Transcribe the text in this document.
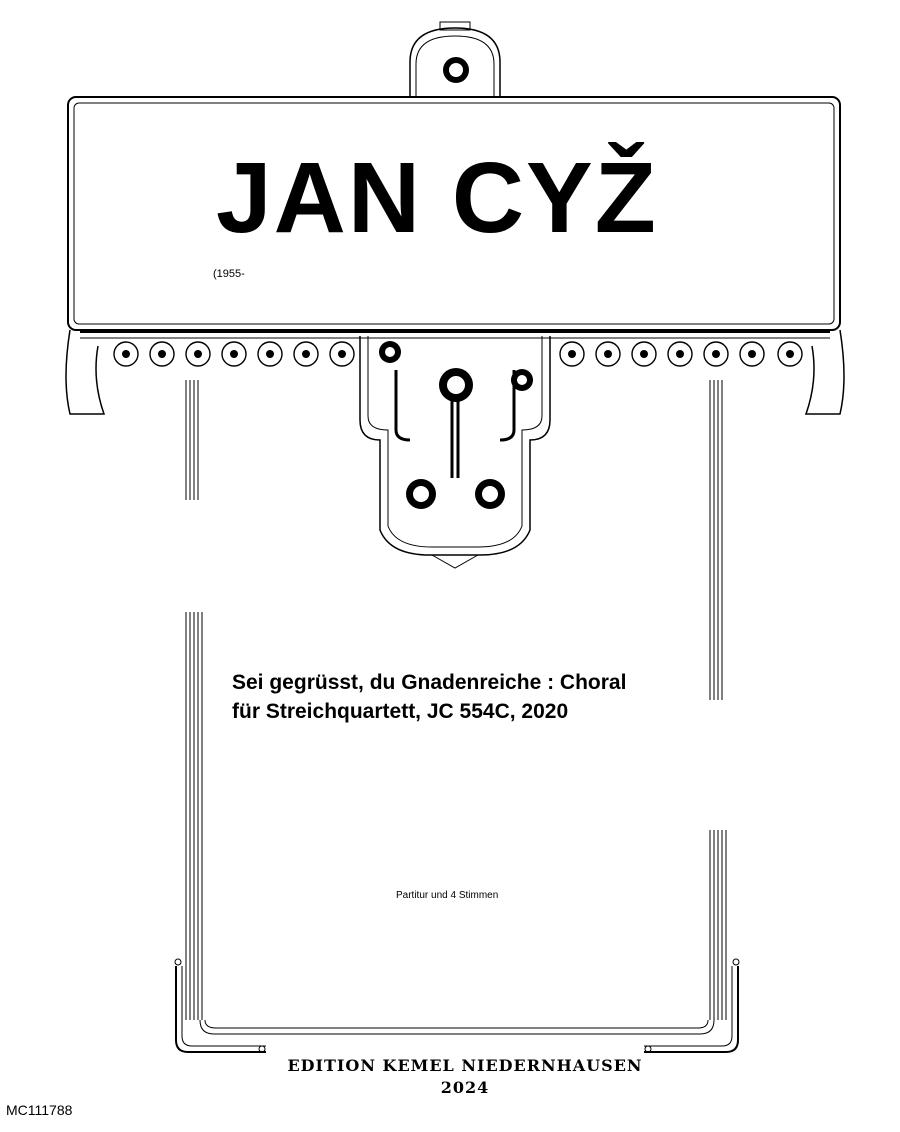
JAN CYŽ
(1955-
Sei gegrüsst, du Gnadenreiche : Choral
für Streichquartett, JC 554C, 2020
Partitur und 4 Stimmen
EDITION KEMEL NIEDERNHAUSEN
2024
MC111788
